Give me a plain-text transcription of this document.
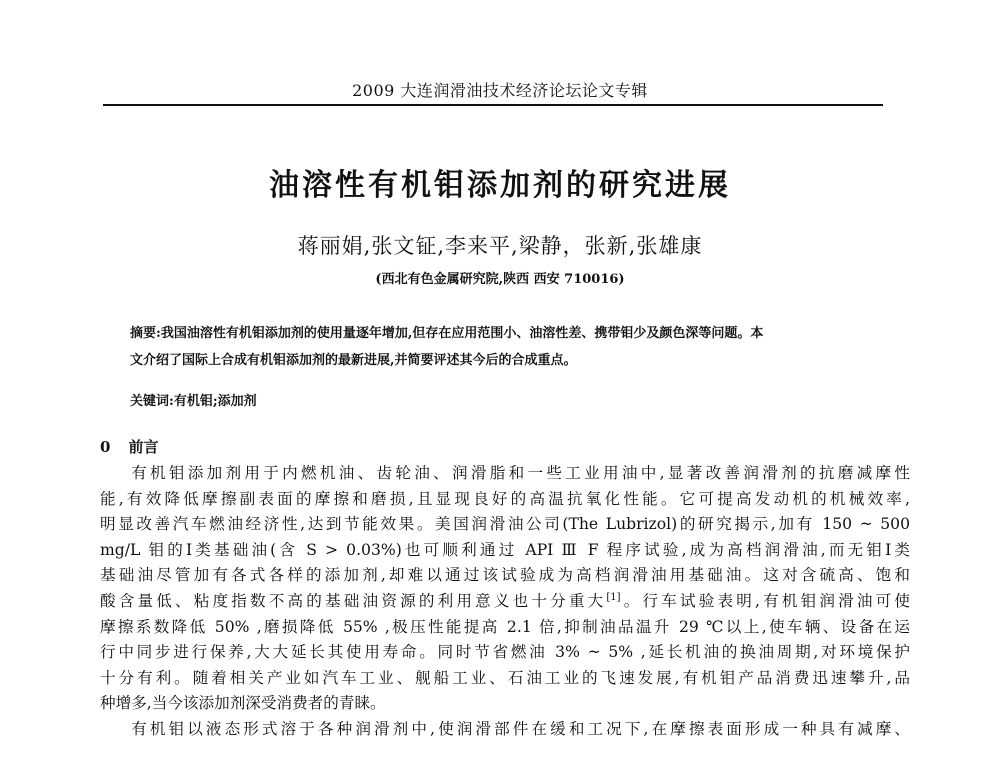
2009 大连润滑油技术经济论坛论文专辑
油溶性有机钼添加剂的研究进展
蒋丽娟,张文钲,李来平,梁静，张新,张雄康
(西北有色金属研究院,陕西 西安 710016)
摘要:我国油溶性有机钼添加剂的使用量逐年增加,但存在应用范围小、油溶性差、携带钼少及颜色深等问题。本
文介绍了国际上合成有机钼添加剂的最新进展,并简要评述其今后的合成重点。
关键词:有机钼;添加剂
0 前言
有机钼添加剂用于内燃机油、齿轮油、润滑脂和一些工业用油中,显著改善润滑剂的抗磨减摩性
能,有效降低摩擦副表面的摩擦和磨损,且显现良好的高温抗氧化性能。它可提高发动机的机械效率,
明显改善汽车燃油经济性,达到节能效果。美国润滑油公司(The Lubrizol)的研究揭示,加有 150 ~ 500
mg/L 钼的Ⅰ类基础油(含 S > 0.03%)也可顺利通过 API Ⅲ F 程序试验,成为高档润滑油,而无钼Ⅰ类
基础油尽管加有各式各样的添加剂,却难以通过该试验成为高档润滑油用基础油。这对含硫高、饱和
酸含量低、粘度指数不高的基础油资源的利用意义也十分重大[1]。行车试验表明,有机钼润滑油可使
摩擦系数降低 50% ,磨损降低 55% ,极压性能提高 2.1 倍,抑制油品温升 29 ℃以上,使车辆、设备在运
行中同步进行保养,大大延长其使用寿命。同时节省燃油 3% ~ 5% ,延长机油的换油周期,对环境保护
十分有利。随着相关产业如汽车工业、舰船工业、石油工业的飞速发展,有机钼产品消费迅速攀升,品
种增多,当今该添加剂深受消费者的青睐。
有机钼以液态形式溶于各种润滑剂中,使润滑部件在缓和工况下,在摩擦表面形成一种具有减摩、
